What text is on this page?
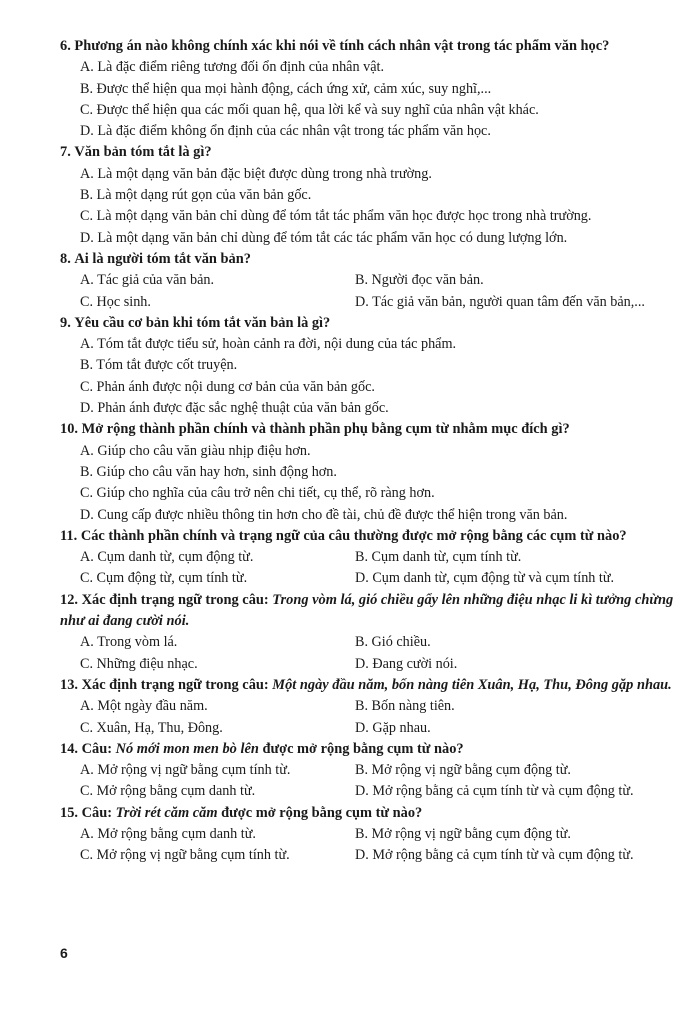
6. Phương án nào không chính xác khi nói về tính cách nhân vật trong tác phẩm văn học?

A. Là đặc điểm riêng tương đối ổn định của nhân vật.
B. Được thể hiện qua mọi hành động, cách ứng xử, cảm xúc, suy nghĩ,...
C. Được thể hiện qua các mối quan hệ, qua lời kể và suy nghĩ của nhân vật khác.
D. Là đặc điểm không ổn định của các nhân vật trong tác phẩm văn học.

7. Văn bản tóm tắt là gì?

A. Là một dạng văn bản đặc biệt được dùng trong nhà trường.
B. Là một dạng rút gọn của văn bản gốc.
C. Là một dạng văn bản chỉ dùng để tóm tắt tác phẩm văn học được học trong nhà trường.
D. Là một dạng văn bản chỉ dùng để tóm tắt các tác phẩm văn học có dung lượng lớn.

8. Ai là người tóm tắt văn bản?

A. Tác giả của văn bản.	B. Người đọc văn bản.
C. Học sinh.	D. Tác giả văn bản, người quan tâm đến văn bản,...

9. Yêu cầu cơ bản khi tóm tắt văn bản là gì?

A. Tóm tắt được tiểu sử, hoàn cảnh ra đời, nội dung của tác phẩm.
B. Tóm tắt được cốt truyện.
C. Phản ánh được nội dung cơ bản của văn bản gốc.
D. Phản ánh được đặc sắc nghệ thuật của văn bản gốc.

10. Mở rộng thành phần chính và thành phần phụ bằng cụm từ nhằm mục đích gì?

A. Giúp cho câu văn giàu nhịp điệu hơn.
B. Giúp cho câu văn hay hơn, sinh động hơn.
C. Giúp cho nghĩa của câu trở nên chi tiết, cụ thể, rõ ràng hơn.
D. Cung cấp được nhiều thông tin hơn cho đề tài, chủ đề được thể hiện trong văn bản.

11. Các thành phần chính và trạng ngữ của câu thường được mở rộng bằng các cụm từ nào?

A. Cụm danh từ, cụm động từ.	B. Cụm danh từ, cụm tính từ.
C. Cụm động từ, cụm tính từ.	D. Cụm danh từ, cụm động từ và cụm tính từ.

12. Xác định trạng ngữ trong câu: Trong vòm lá, gió chiều gẩy lên những điệu nhạc li kì tưởng chừng như ai đang cười nói.

A. Trong vòm lá.	B. Gió chiều.
C. Những điệu nhạc.	D. Đang cười nói.

13. Xác định trạng ngữ trong câu: Một ngày đầu năm, bốn nàng tiên Xuân, Hạ, Thu, Đông gặp nhau.

A. Một ngày đầu năm.	B. Bốn nàng tiên.
C. Xuân, Hạ, Thu, Đông.	D. Gặp nhau.

14. Câu: Nó mới mon men bò lên được mở rộng bằng cụm từ nào?

A. Mở rộng vị ngữ bằng cụm tính từ.	B. Mở rộng vị ngữ bằng cụm động từ.
C. Mở rộng bằng cụm danh từ.	D. Mở rộng bằng cả cụm tính từ và cụm động từ.

15. Câu: Trời rét căm căm được mở rộng bằng cụm từ nào?

A. Mở rộng bằng cụm danh từ.	B. Mở rộng vị ngữ bằng cụm động từ.
C. Mở rộng vị ngữ bằng cụm tính từ.	D. Mở rộng bằng cả cụm tính từ và cụm động từ.
6
